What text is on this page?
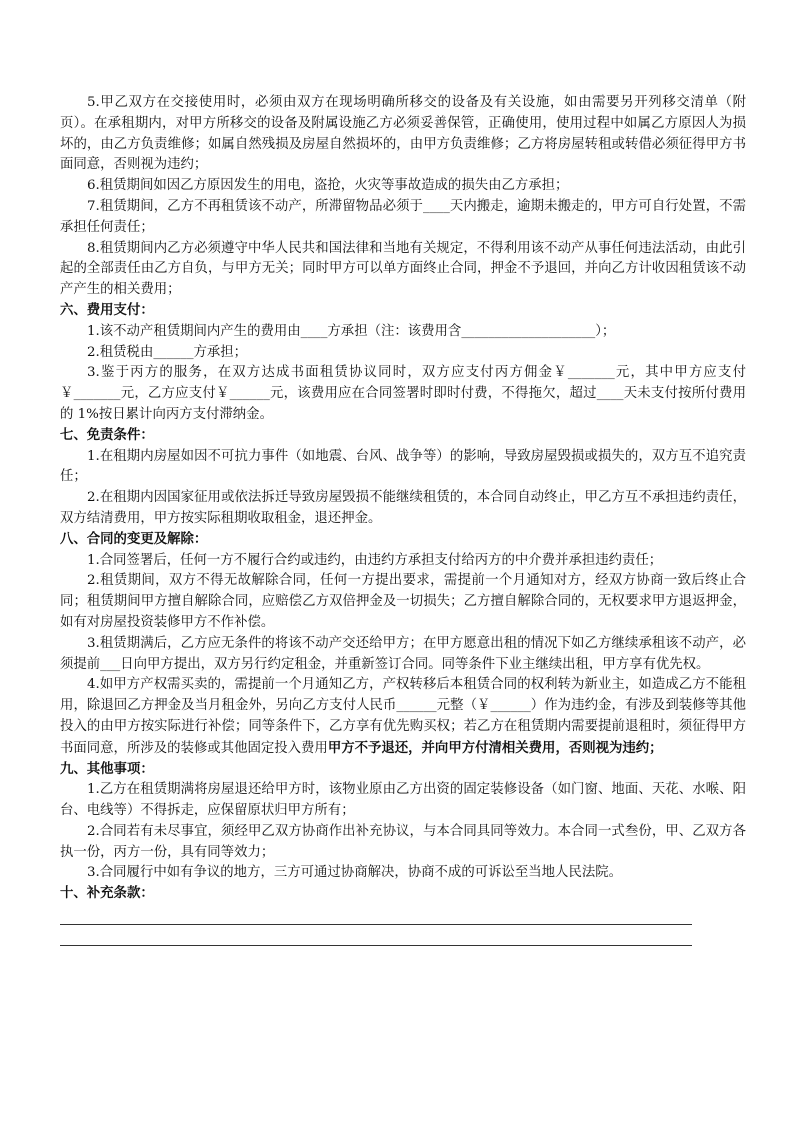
5.甲乙双方在交接使用时，必须由双方在现场明确所移交的设备及有关设施，如由需要另开列移交清单（附页）。在承租期内，对甲方所移交的设备及附属设施乙方必须妥善保管，正确使用，使用过程中如属乙方原因人为损坏的，由乙方负责维修；如属自然残损及房屋自然损坏的，由甲方负责维修；乙方将房屋转租或转借必须征得甲方书面同意，否则视为违约；

6.租赁期间如因乙方原因发生的用电，盗抢，火灾等事故造成的损失由乙方承担；

7.租赁期间，乙方不再租赁该不动产，所滞留物品必须于____天内搬走，逾期未搬走的，甲方可自行处置，不需承担任何责任；

8.租赁期间内乙方必须遵守中华人民共和国法律和当地有关规定，不得利用该不动产从事任何违法活动，由此引起的全部责任由乙方自负，与甲方无关；同时甲方可以单方面终止合同，押金不予退回，并向乙方计收因租赁该不动产产生的相关费用；

六、费用支付：

1.该不动产租赁期间内产生的费用由____方承担（注：该费用含____________________）；

2.租赁税由______方承担；

3.鉴于丙方的服务，在双方达成书面租赁协议同时，双方应支付丙方佣金￥_______元，其中甲方应支付￥_______元，乙方应支付￥______元，该费用应在合同签署时即时付费，不得拖欠，超过____天未支付按所付费用的 1%按日累计向丙方支付滞纳金。

七、免责条件：

1.在租期内房屋如因不可抗力事件（如地震、台风、战争等）的影响，导致房屋毁损或损失的，双方互不追究责任；

2.在租期内因国家征用或依法拆迁导致房屋毁损不能继续租赁的，本合同自动终止，甲乙方互不承担违约责任，双方结清费用，甲方按实际租期收取租金，退还押金。

八、合同的变更及解除：

1.合同签署后，任何一方不履行合约或违约，由违约方承担支付给丙方的中介费并承担违约责任；

2.租赁期间，双方不得无故解除合同，任何一方提出要求，需提前一个月通知对方，经双方协商一致后终止合同；租赁期间甲方擅自解除合同，应赔偿乙方双倍押金及一切损失；乙方擅自解除合同的，无权要求甲方退返押金，如有对房屋投资装修甲方不作补偿。

3.租赁期满后，乙方应无条件的将该不动产交还给甲方；在甲方愿意出租的情况下如乙方继续承租该不动产，必须提前___日向甲方提出，双方另行约定租金，并重新签订合同。同等条件下业主继续出租，甲方享有优先权。

4.如甲方产权需买卖的，需提前一个月通知乙方，产权转移后本租赁合同的权利转为新业主，如造成乙方不能租用，除退回乙方押金及当月租金外，另向乙方支付人民币______元整（￥______）作为违约金，有涉及到装修等其他投入的由甲方按实际进行补偿；同等条件下，乙方享有优先购买权；若乙方在租赁期内需要提前退租时，须征得甲方书面同意，所涉及的装修或其他固定投入费用甲方不予退还，并向甲方付清相关费用，否则视为违约；

九、其他事项：

1.乙方在租赁期满将房屋退还给甲方时，该物业原由乙方出资的固定装修设备（如门窗、地面、天花、水喉、阳台、电线等）不得拆走，应保留原状归甲方所有；

2.合同若有未尽事宜，须经甲乙双方协商作出补充协议，与本合同具同等效力。本合同一式叁份，甲、乙双方各执一份，丙方一份，具有同等效力；

3.合同履行中如有争议的地方，三方可通过协商解决，协商不成的可诉讼至当地人民法院。

十、补充条款：
